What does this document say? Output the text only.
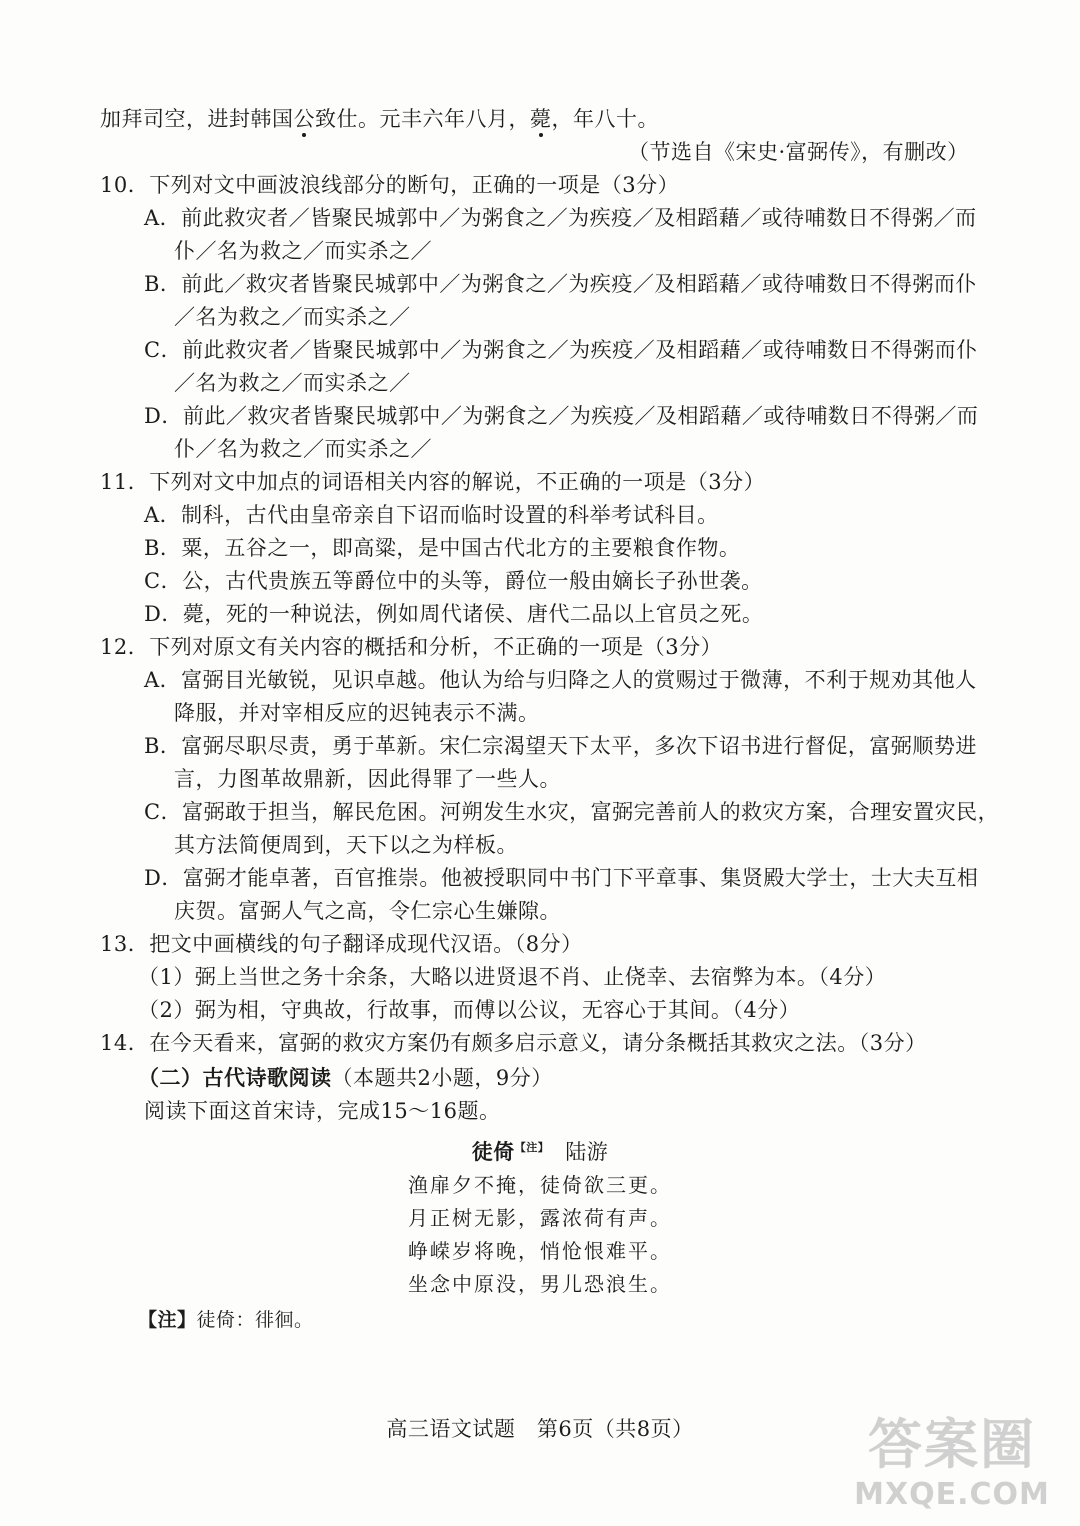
加拜司空，进封韩国公致仕。元丰六年八月，薨，年八十。
（节选自《宋史·富弼传》，有删改）
10．下列对文中画波浪线部分的断句，正确的一项是（3分）
A．前此救灾者／皆聚民城郭中／为粥食之／为疾疫／及相蹈藉／或待哺数日不得粥／而
仆／名为救之／而实杀之／
B．前此／救灾者皆聚民城郭中／为粥食之／为疾疫／及相蹈藉／或待哺数日不得粥而仆
／名为救之／而实杀之／
C．前此救灾者／皆聚民城郭中／为粥食之／为疾疫／及相蹈藉／或待哺数日不得粥而仆
／名为救之／而实杀之／
D．前此／救灾者皆聚民城郭中／为粥食之／为疾疫／及相蹈藉／或待哺数日不得粥／而
仆／名为救之／而实杀之／
11．下列对文中加点的词语相关内容的解说，不正确的一项是（3分）
A．制科，古代由皇帝亲自下诏而临时设置的科举考试科目。
B．粟，五谷之一，即高粱，是中国古代北方的主要粮食作物。
C．公，古代贵族五等爵位中的头等，爵位一般由嫡长子孙世袭。
D．薨，死的一种说法，例如周代诸侯、唐代二品以上官员之死。
12．下列对原文有关内容的概括和分析，不正确的一项是（3分）
A．富弼目光敏锐，见识卓越。他认为给与归降之人的赏赐过于微薄，不利于规劝其他人
降服，并对宰相反应的迟钝表示不满。
B．富弼尽职尽责，勇于革新。宋仁宗渴望天下太平，多次下诏书进行督促，富弼顺势进
言，力图革故鼎新，因此得罪了一些人。
C．富弼敢于担当，解民危困。河朔发生水灾，富弼完善前人的救灾方案，合理安置灾民，
其方法简便周到，天下以之为样板。
D．富弼才能卓著，百官推崇。他被授职同中书门下平章事、集贤殿大学士，士大夫互相
庆贺。富弼人气之高，令仁宗心生嫌隙。
13．把文中画横线的句子翻译成现代汉语。（8分）
（1）弼上当世之务十余条，大略以进贤退不肖、止侥幸、去宿弊为本。（4分）
（2）弼为相，守典故，行故事，而傅以公议，无容心于其间。（4分）
14．在今天看来，富弼的救灾方案仍有颇多启示意义，请分条概括其救灾之法。（3分）
（二）古代诗歌阅读（本题共2小题，9分）
阅读下面这首宋诗，完成15～16题。
徒倚$^{【注】}$　 陆游
渔扉夕不掩，徒倚欲三更。
月正树无影，露浓荷有声。
峥嵘岁将晚，悄怆恨难平。
坐念中原没，男儿恐浪生。
【注】徒倚：徘徊。
高三语文试题　第6页（共8页）	答案圈
MXQE.COM
